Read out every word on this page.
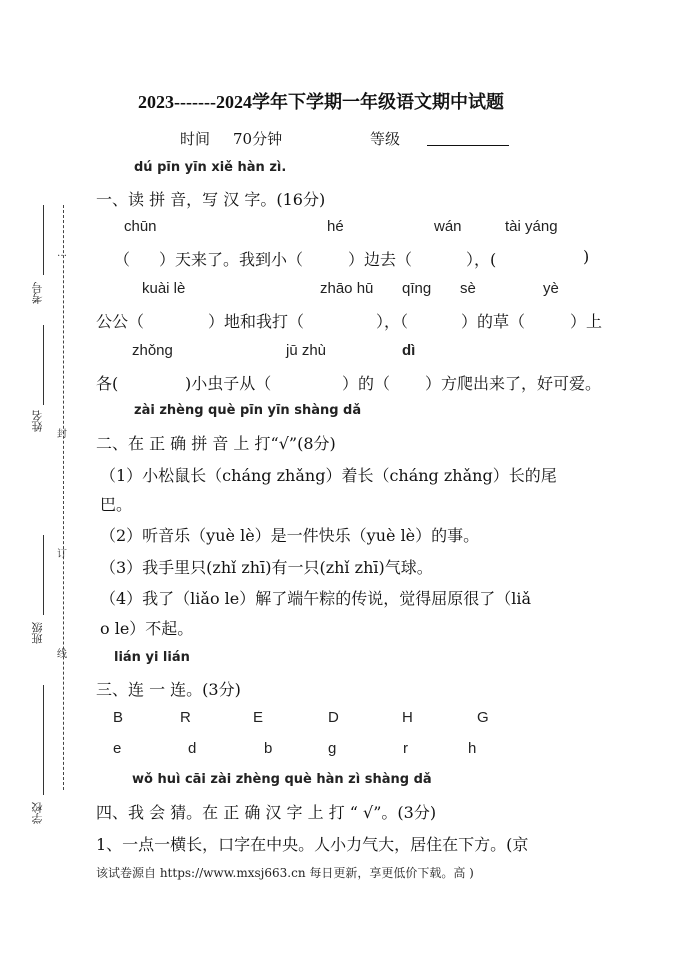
…
封
订
线
考号
姓名
班级
学校
2023-------2024学年下学期一年级语文期中试题
时间 70分钟	等级
dú pīn yīn xiě hàn zì.
一、读 拼 音，写 汉 字。(16分)
chūn	hé	wán	tài yáng
（ ）天来了。我到小（	）边去（	），(	)
kuài lè	zhāo hū qīng sè	yè
公公（	）地和我打（	），（	）的草（	）上
zhǒng	jū zhù	dì
各(	)小虫子从（	）的（ ）方爬出来了，好可爱。
zài zhèng què pīn yīn shàng dǎ
二、在 正 确 拼 音 上 打“√”(8分)
（1）小松鼠长（cháng zhǎng）着长（cháng zhǎng）长的尾
巴。
（2）听音乐（yuè lè）是一件快乐（yuè lè）的事。
（3）我手里只(zhǐ zhī)有一只(zhǐ zhī)气球。
（4）我了（liǎo le）解了端午粽的传说，觉得屈原很了（liǎ
o le）不起。
lián yi lián
三、连 一 连。(3分)
B	R	E	D	H	G
e	d	b	g	r	h
wǒ huì cāi zài zhèng què hàn zì shàng dǎ
四、我 会 猜。在 正 确 汉 字 上 打 “ √”。(3分)
1、一点一横长，口字在中央。人小力气大，居住在下方。(京
该试卷源自 https://www.mxsj663.cn 每日更新，享更低价下载。高 )
